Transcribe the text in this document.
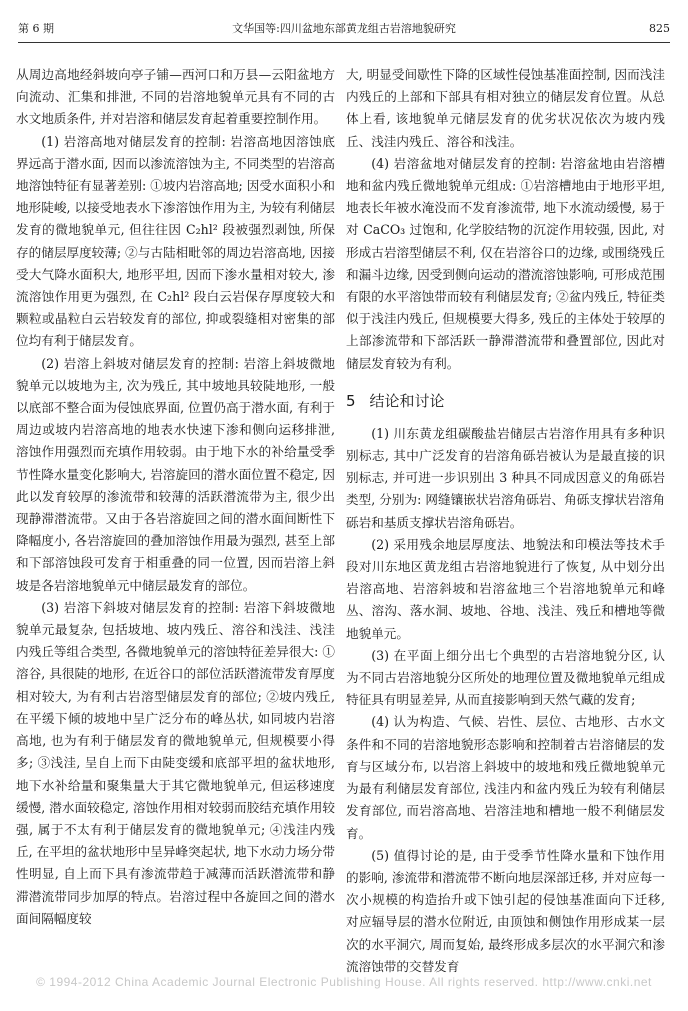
第 6 期	文华国等:四川盆地东部黄龙组古岩溶地貌研究	825

从周边高地经斜坡向亭子铺—西河口和万县—云阳盆地方向流动、汇集和排泄, 不同的岩溶地貌单元具有不同的古水文地质条件, 并对岩溶和储层发育起着重要控制作用。

(1) 岩溶高地对储层发育的控制: 岩溶高地因溶蚀底界远高于潜水面, 因而以渗流溶蚀为主, 不同类型的岩溶高地溶蚀特征有显著差别: ①坡内岩溶高地; 因受水面积小和地形陡峻, 以接受地表水下渗溶蚀作用为主, 为较有利储层发育的微地貌单元, 但往往因 C₂hl² 段被强烈剥蚀, 所保存的储层厚度较薄; ②与古陆相毗邻的周边岩溶高地, 因接受大气降水面积大, 地形平坦, 因而下渗水量相对较大, 渗流溶蚀作用更为强烈, 在 C₂hl² 段白云岩保存厚度较大和颗粒或晶粒白云岩较发育的部位, 抑或裂缝相对密集的部位均有利于储层发育。

(2) 岩溶上斜坡对储层发育的控制: 岩溶上斜坡微地貌单元以坡地为主, 次为残丘, 其中坡地具较陡地形, 一般以底部不整合面为侵蚀底界面, 位置仍高于潜水面, 有利于周边或坡内岩溶高地的地表水快速下渗和侧向运移排泄, 溶蚀作用强烈而充填作用较弱。由于地下水的补给量受季节性降水量变化影响大, 岩溶旋回的潜水面位置不稳定, 因此以发育较厚的渗流带和较薄的活跃潜流带为主, 很少出现静滞潜流带。又由于各岩溶旋回之间的潜水面间断性下降幅度小, 各岩溶旋回的叠加溶蚀作用最为强烈, 甚至上部和下部溶蚀段可发育于相重叠的同一位置, 因而岩溶上斜坡是各岩溶地貌单元中储层最发育的部位。

(3) 岩溶下斜坡对储层发育的控制: 岩溶下斜坡微地貌单元最复杂, 包括坡地、坡内残丘、溶谷和浅洼、浅洼内残丘等组合类型, 各微地貌单元的溶蚀特征差异很大: ①溶谷, 具很陡的地形, 在近谷口的部位活跃潜流带发育厚度相对较大, 为有利古岩溶型储层发育的部位; ②坡内残丘, 在平缓下倾的坡地中呈广泛分布的峰丛状, 如同坡内岩溶高地, 也为有利于储层发育的微地貌单元, 但规模要小得多; ③浅洼, 呈自上而下由陡变缓和底部平坦的盆状地形, 地下水补给量和聚集量大于其它微地貌单元, 但运移速度缓慢, 潜水面较稳定, 溶蚀作用相对较弱而胶结充填作用较强, 属于不太有利于储层发育的微地貌单元; ④浅洼内残丘, 在平坦的盆状地形中呈异峰突起状, 地下水动力场分带性明显, 自上而下具有渗流带趋于减薄而活跃潜流带和静滞潜流带同步加厚的特点。岩溶过程中各旋回之间的潜水面间隔幅度较

大, 明显受间歇性下降的区域性侵蚀基准面控制, 因而浅洼内残丘的上部和下部具有相对独立的储层发育位置。从总体上看, 该地貌单元储层发育的优劣状况依次为坡内残丘、浅洼内残丘、溶谷和浅洼。

(4) 岩溶盆地对储层发育的控制: 岩溶盆地由岩溶槽地和盆内残丘微地貌单元组成: ①岩溶槽地由于地形平坦, 地表长年被水淹没而不发育渗流带, 地下水流动缓慢, 易于对 CaCO₃ 过饱和, 化学胶结物的沉淀作用较强, 因此, 对形成古岩溶型储层不利, 仅在岩溶谷口的边缘, 或围绕残丘和漏斗边缘, 因受到侧向运动的潜流溶蚀影响, 可形成范围有限的水平溶蚀带而较有利储层发育; ②盆内残丘, 特征类似于浅洼内残丘, 但规模要大得多, 残丘的主体处于较厚的上部渗流带和下部活跃一静滞潜流带和叠置部位, 因此对储层发育较为有利。

5 结论和讨论

(1) 川东黄龙组碳酸盐岩储层古岩溶作用具有多种识别标志, 其中广泛发育的岩溶角砾岩被认为是最直接的识别标志, 并可进一步识别出 3 种具不同成因意义的角砾岩类型, 分别为: 网缝镶嵌状岩溶角砾岩、角砾支撑状岩溶角砾岩和基质支撑状岩溶角砾岩。

(2) 采用残余地层厚度法、地貌法和印模法等技术手段对川东地区黄龙组古岩溶地貌进行了恢复, 从中划分出岩溶高地、岩溶斜坡和岩溶盆地三个岩溶地貌单元和峰丛、溶沟、落水洞、坡地、谷地、浅洼、残丘和槽地等微地貌单元。

(3) 在平面上细分出七个典型的古岩溶地貌分区, 认为不同古岩溶地貌分区所处的地理位置及微地貌单元组成特征具有明显差异, 从而直接影响到天然气藏的发育;

(4) 认为构造、气候、岩性、层位、古地形、古水文条件和不同的岩溶地貌形态影响和控制着古岩溶储层的发育与区域分布, 以岩溶上斜坡中的坡地和残丘微地貌单元为最有利储层发育部位, 浅洼内和盆内残丘为较有利储层发育部位, 而岩溶高地、岩溶洼地和槽地一般不利储层发育。

(5) 值得讨论的是, 由于受季节性降水量和下蚀作用的影响, 渗流带和潜流带不断向地层深部迁移, 并对应每一次小规模的构造抬升或下蚀引起的侵蚀基准面向下迁移, 对应辐导层的潜水位附近, 由顶蚀和侧蚀作用形成某一层次的水平洞穴, 周而复始, 最终形成多层次的水平洞穴和渗流溶蚀带的交替发育

© 1994-2012 China Academic Journal Electronic Publishing House. All rights reserved. http://www.cnki.net
